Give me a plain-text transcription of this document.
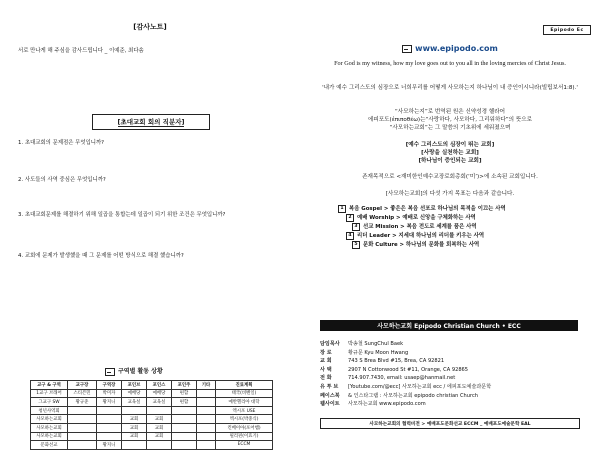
[감사노트]
서로 만나게 해 주심을 감사드립니다 _ 이예준, 최다솜
[초대교회 회의 직분자]
1. 초대교회의 문제점은 무엇입니까?
2. 사도들의 사역 중심은 무엇입니까?
3. 초대교회문제를 해결하기 위해 일곱을 통합는데 일곱이 되기 위한 조건은 무엇입니까?
4. 교회에 문제가 발생했을 때 그 문제를 어떤 방식으로 해결 했습니까?
구역별 활동 상황
교구 & 구역	교구장	구역장	포인브	포인스	포인주	기타	진료계획
1교구 브래어	스티븐민	박미자	예배당	예배당	편합		태국(비벤일)
그교구 SW	황규준	황지니	교육실	교육실	편합		예반헬리아 대학
청년사역회							엑시포 USE
사모하는교회			교회	교회			엑시포(박중식)
사모하는교회			교회	교회			킨베이아(포어햄)
사모하는교회			교회	교회			필리핀(이효기)
문화선교		황지니					ECCM
Epipodo Ec
www.epipodo.com
For God is my witness, how my love goes out to you all in the loving mercies of Christ Jesus.
'내가 예수 그리스도의 심장으로 너희무리를 어떻게 사모하는지 하나님이 내 증인이시니라(빌립보서1:8).'
“사모하는지”로 번역된 원은 신약성경 헬라어
에피포도(ἐπιποθέω)는“사랑하다, 사모하다, 그리워하다”의 뜻으로
“사모하는교회”는 그 말씀의 기초위에 세워졌으며
[예수 그리스도의 심장이 뛰는 교회]
[사랑을 실천하는 교회]
[하나님이 증인되는 교회]
존재목적으로 <재미한인예수교장로회총회(‘미’)>에 소속된 교회입니다.
[사모하는교회]의 다섯 가지 목표는 다음과 같습니다.
1 복음 Gospel > 좋은은 복음 선포로 하나님의 목적을 이끄는 사역
2 예배 Worship > 예배로 신앙을 구체화하는 사역
3 선교 Mission > 복음 전도로 세계를 품은 사역
4 리더 Leader > 지세대 하나님의 리더를 키우는 사역
5 문화 Culture > 하나님의 문화를 회복하는 사역
사모하는교회 Epipodo Christian Church • ECC
담임목사	박송철 SungChul Baek
장 로	황규문 Kyu Moon Hwang
교 회	743 S Brea Blvd #15, Brea, CA 92821
사 택	2907 N Cottonwood St #11, Orange, CA 92865
전 화	714.907.7430, email: usaep@hanmail.net
유 투 브	[Youtube.com/@ecc] 사모하는교회 ecc / 에피포도예술과문학
페이스북	& 인스타그램 : 사모하는교회 epipodo christian Church
웹사이트	사모하는교회 www.epipodo.com
사모하는교회의 협력비전 > 예배포도문화선교 ECCM _ 예배포도예술문학 EAL
